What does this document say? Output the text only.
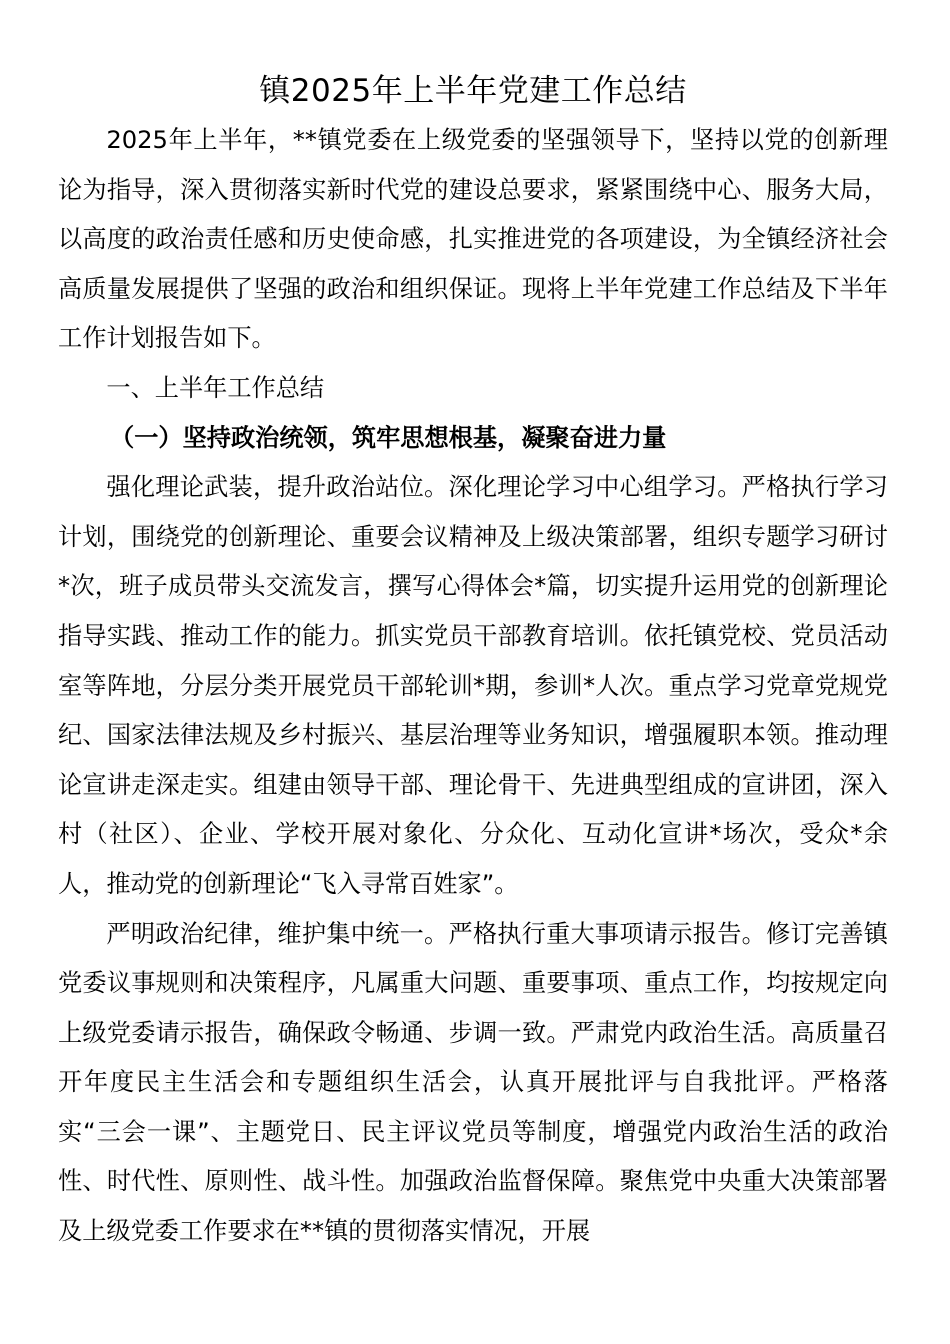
镇2025年上半年党建工作总结

2025年上半年，**镇党委在上级党委的坚强领导下，坚持以党的创新理论为指导，深入贯彻落实新时代党的建设总要求，紧紧围绕中心、服务大局，以高度的政治责任感和历史使命感，扎实推进党的各项建设，为全镇经济社会高质量发展提供了坚强的政治和组织保证。现将上半年党建工作总结及下半年工作计划报告如下。

一、上半年工作总结

（一）坚持政治统领，筑牢思想根基，凝聚奋进力量

强化理论武装，提升政治站位。深化理论学习中心组学习。严格执行学习计划，围绕党的创新理论、重要会议精神及上级决策部署，组织专题学习研讨*次，班子成员带头交流发言，撰写心得体会*篇，切实提升运用党的创新理论指导实践、推动工作的能力。抓实党员干部教育培训。依托镇党校、党员活动室等阵地，分层分类开展党员干部轮训*期，参训*人次。重点学习党章党规党纪、国家法律法规及乡村振兴、基层治理等业务知识，增强履职本领。推动理论宣讲走深走实。组建由领导干部、理论骨干、先进典型组成的宣讲团，深入村（社区）、企业、学校开展对象化、分众化、互动化宣讲*场次，受众*余人，推动党的创新理论“飞入寻常百姓家”。

严明政治纪律，维护集中统一。严格执行重大事项请示报告。修订完善镇党委议事规则和决策程序，凡属重大问题、重要事项、重点工作，均按规定向上级党委请示报告，确保政令畅通、步调一致。严肃党内政治生活。高质量召开年度民主生活会和专题组织生活会，认真开展批评与自我批评。严格落实“三会一课”、主题党日、民主评议党员等制度，增强党内政治生活的政治性、时代性、原则性、战斗性。加强政治监督保障。聚焦党中央重大决策部署及上级党委工作要求在**镇的贯彻落实情况，开展
